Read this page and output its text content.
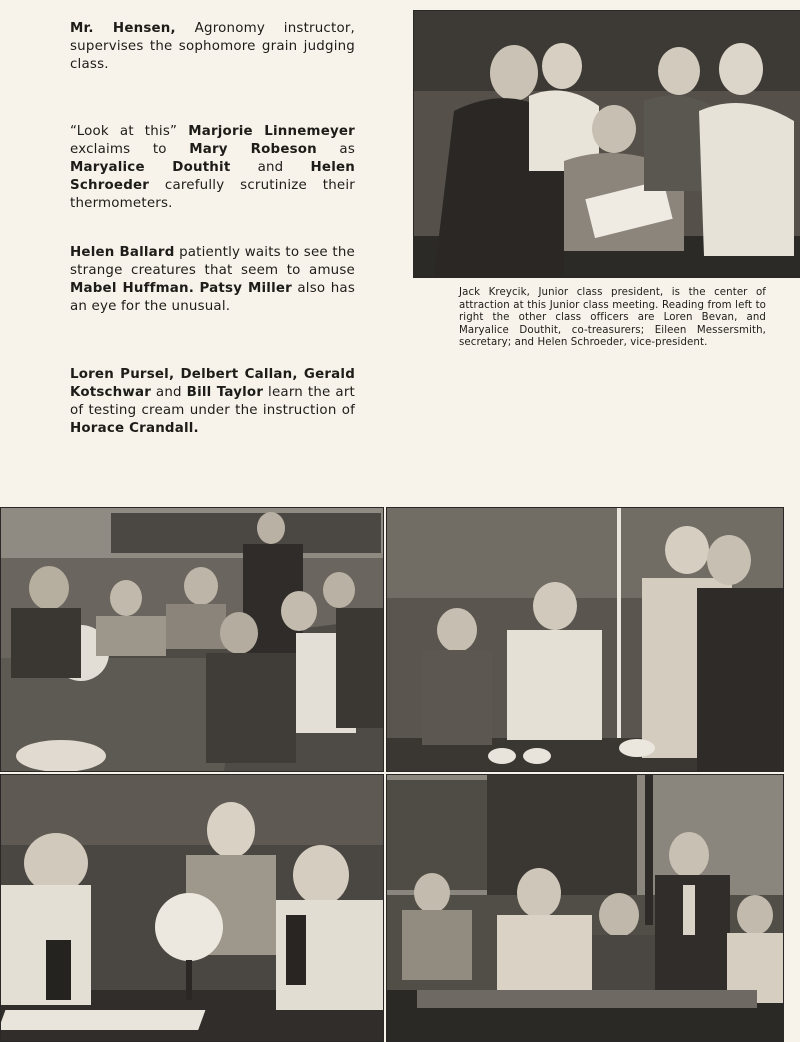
Mr. Hensen, Agronomy instructor, supervises the sophomore grain judging class.
“Look at this” Marjorie Linnemeyer exclaims to Mary Robeson as Maryalice Douthit and Helen Schroeder carefully scrutinize their thermometers.
Helen Ballard patiently waits to see the strange creatures that seem to amuse Mabel Huffman. Patsy Miller also has an eye for the unusual.
Loren Pursel, Delbert Callan, Gerald Kotschwar and Bill Taylor learn the art of testing cream under the instruction of Horace Crandall.
Jack Kreycik, Junior class president, is the center of attraction at this Junior class meeting. Reading from left to right the other class officers are Loren Bevan, and Maryalice Douthit, co-treasurers; Eileen Messersmith, secretary; and Helen Schroeder, vice-president.
